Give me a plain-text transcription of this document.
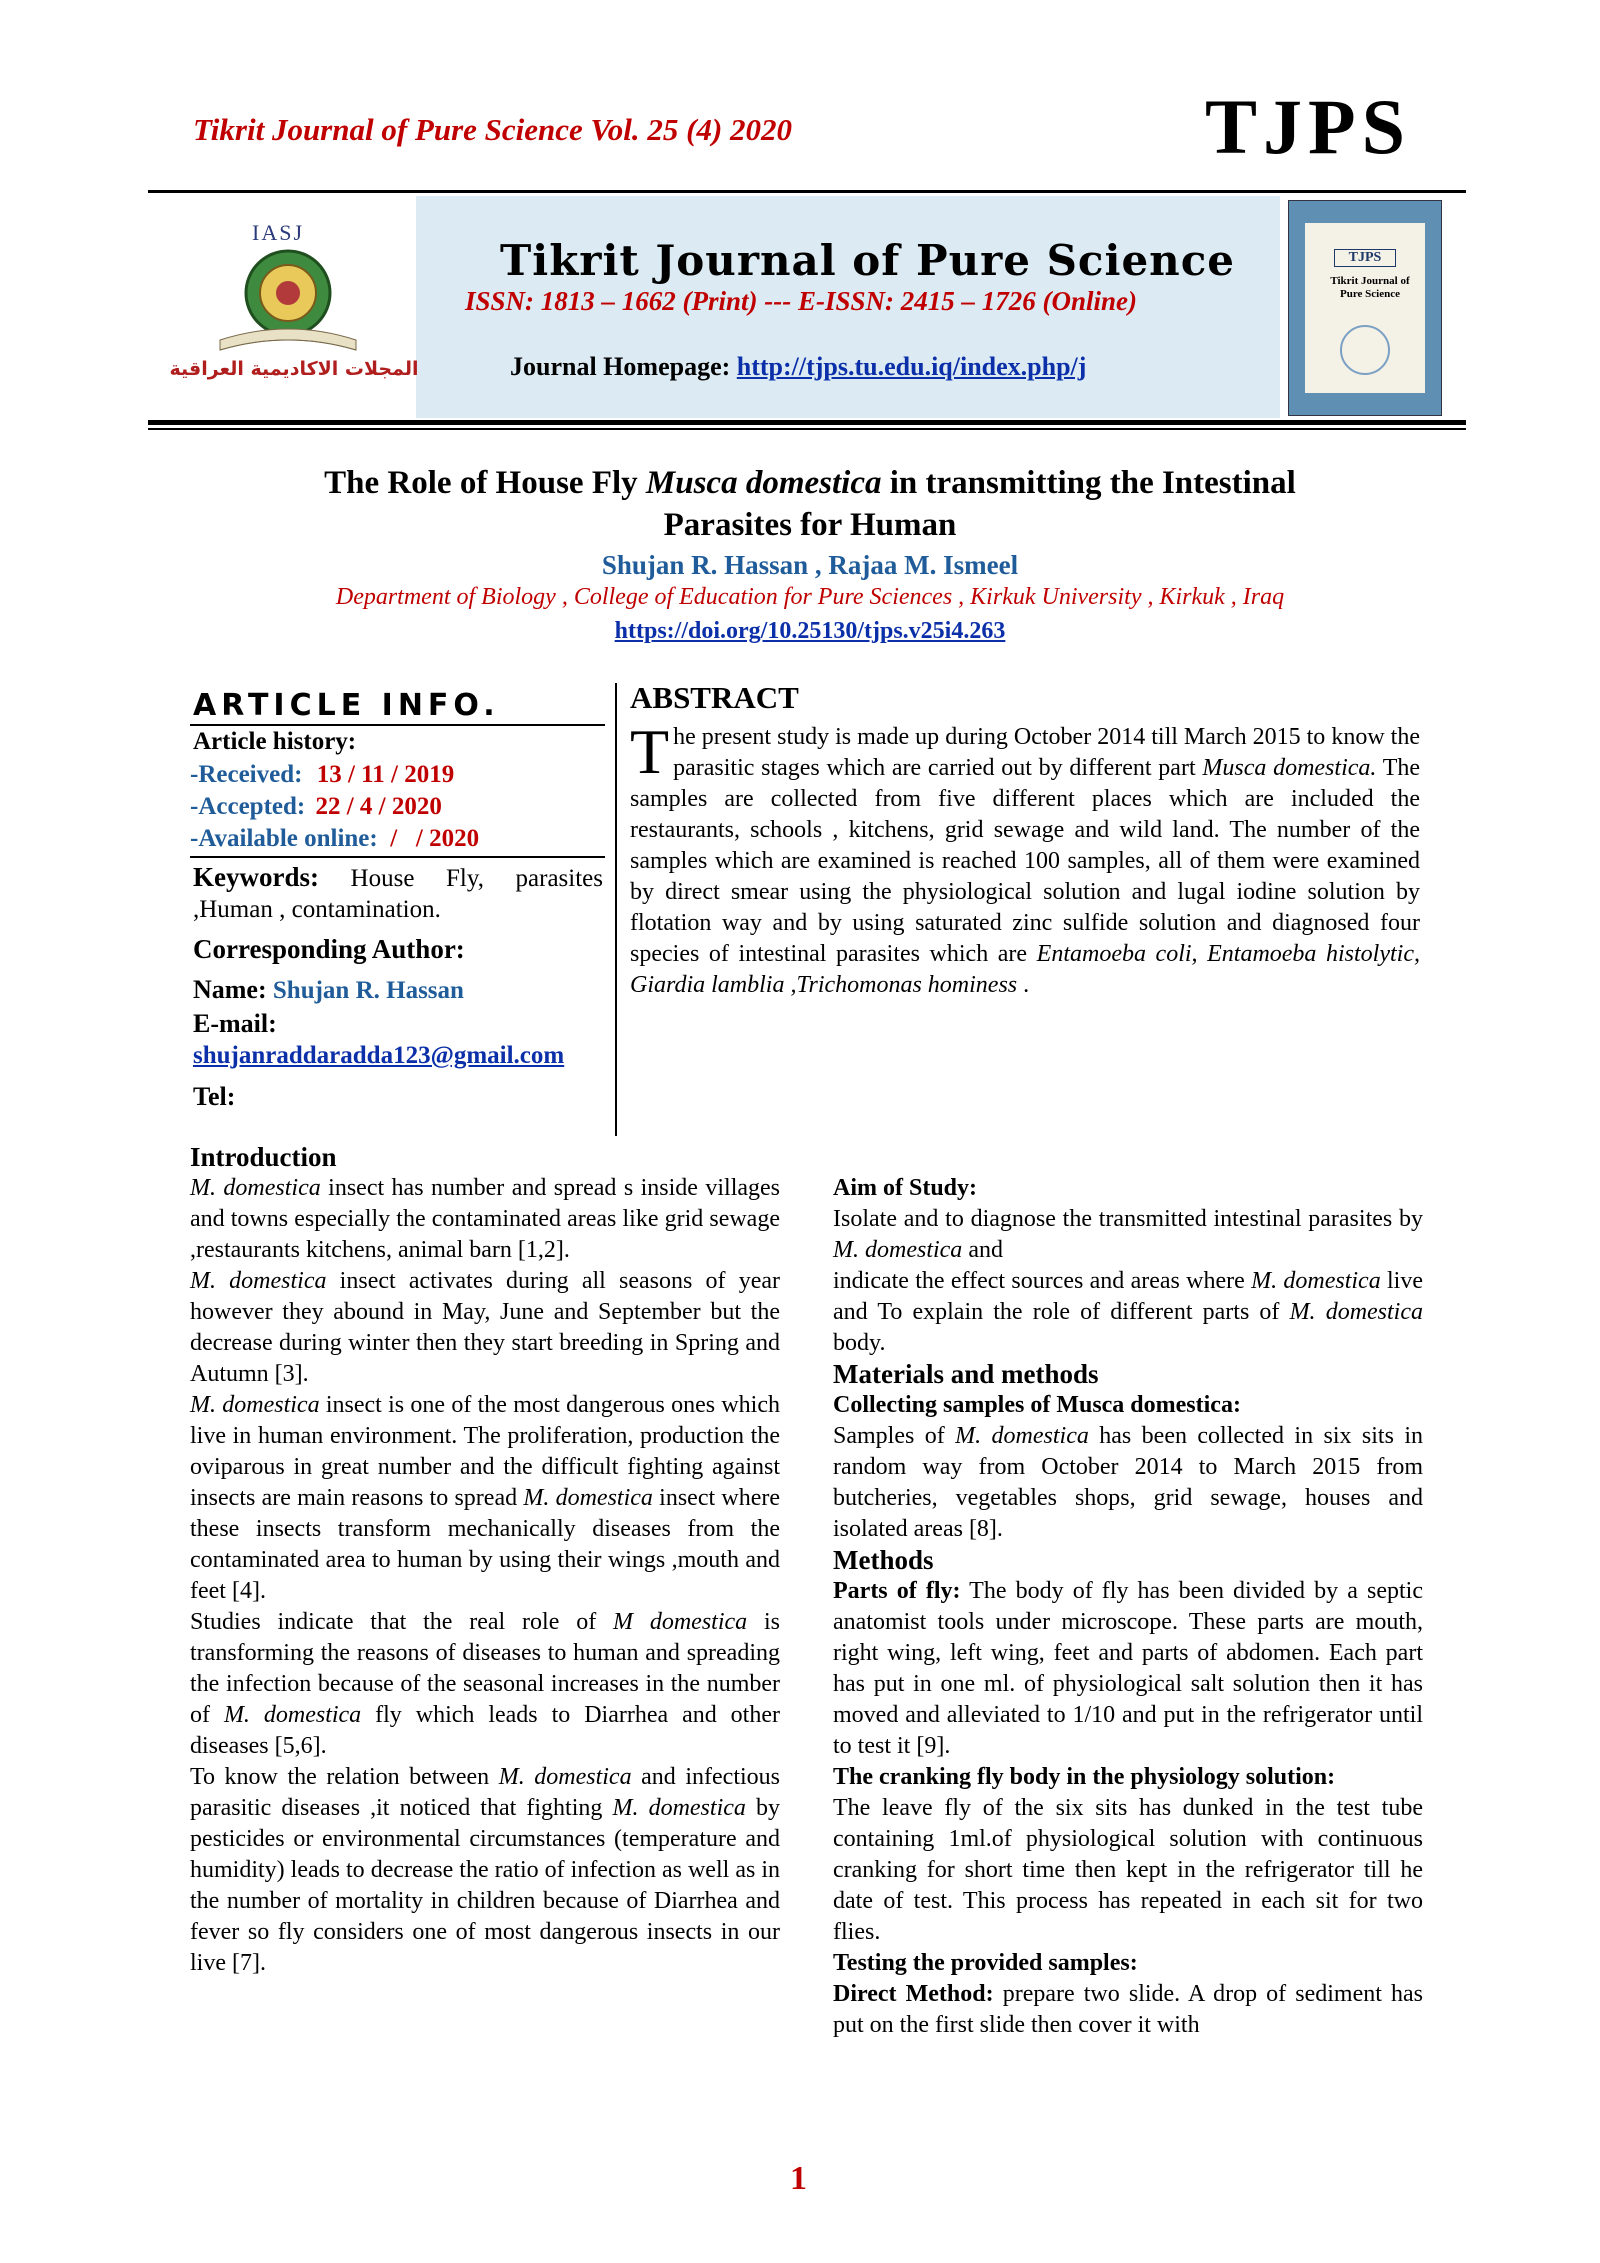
Tikrit Journal of Pure Science Vol. 25 (4) 2020	TJPS
IASJ
المجلات الاكاديمية العراقية
Tikrit Journal of Pure Science
ISSN: 1813 – 1662 (Print) --- E-ISSN: 2415 – 1726 (Online)
Journal Homepage: http://tjps.tu.edu.iq/index.php/j
TJPS
Tikrit Journal of Pure Science
The Role of House Fly Musca domestica in transmitting the Intestinal
Parasites for Human
Shujan R. Hassan , Rajaa M. Ismeel
Department of Biology , College of Education for Pure Sciences , Kirkuk University , Kirkuk , Iraq
https://doi.org/10.25130/tjps.v25i4.263
ARTICLE INFO.
Article history:
-Received: 13 / 11 / 2019
-Accepted: 22 / 4 / 2020
-Available online:  /   / 2020
Keywords: House Fly, parasites ,Human , contamination.
Corresponding Author:
Name: Shujan R. Hassan
E-mail:
shujanraddaradda123@gmail.com
Tel:
ABSTRACT
The present study is made up during October 2014 till March 2015 to know the parasitic stages which are carried out by different part Musca domestica. The samples are collected from five different places which are included the restaurants, schools , kitchens, grid sewage and wild land. The number of the samples which are examined is reached 100 samples, all of them were examined by direct smear using the physiological solution and lugal iodine solution by flotation way and by using saturated zinc sulfide solution and diagnosed four species of intestinal parasites which are Entamoeba coli, Entamoeba histolytic, Giardia lamblia ,Trichomonas hominess .

Introduction

M. domestica insect has number and spread s inside villages and towns especially the contaminated areas like grid sewage ,restaurants kitchens, animal barn [1,2].

M. domestica insect activates during all seasons of year however they abound in May, June and September but the decrease during winter then they start breeding in Spring and Autumn [3].

M. domestica insect is one of the most dangerous ones which live in human environment. The proliferation, production the oviparous in great number and the difficult fighting against insects are main reasons to spread M. domestica insect where these insects transform mechanically diseases from the contaminated area to human by using their wings ,mouth and feet [4].

Studies indicate that the real role of M domestica is transforming the reasons of diseases to human and spreading the infection because of the seasonal increases in the number of M. domestica fly which leads to Diarrhea and other diseases [5,6].

To know the relation between M. domestica and infectious parasitic diseases ,it noticed that fighting M. domestica by pesticides or environmental circumstances (temperature and humidity) leads to decrease the ratio of infection as well as in the number of mortality in children because of Diarrhea and fever so fly considers one of most dangerous insects in our live [7].

Aim of Study:

Isolate and to diagnose the transmitted intestinal parasites by M. domestica and

indicate the effect sources and areas where M. domestica live and To explain the role of different parts of M. domestica body.

Materials and methods

Collecting samples of Musca domestica:

Samples of M. domestica has been collected in six sits in random way from October 2014 to March 2015 from butcheries, vegetables shops, grid sewage, houses and isolated areas [8].

Methods

Parts of fly: The body of fly has been divided by a septic anatomist tools under microscope. These parts are mouth, right wing, left wing, feet and parts of abdomen. Each part has put in one ml. of physiological salt solution then it has moved and alleviated to 1/10 and put in the refrigerator until to test it [9].

The cranking fly body in the physiology solution:

The leave fly of the six sits has dunked in the test tube containing 1ml.of physiological solution with continuous cranking for short time then kept in the refrigerator till he date of test. This process has repeated in each sit for two flies.

Testing the provided samples:

Direct Method: prepare two slide. A drop of sediment has put on the first slide then cover it with

1
